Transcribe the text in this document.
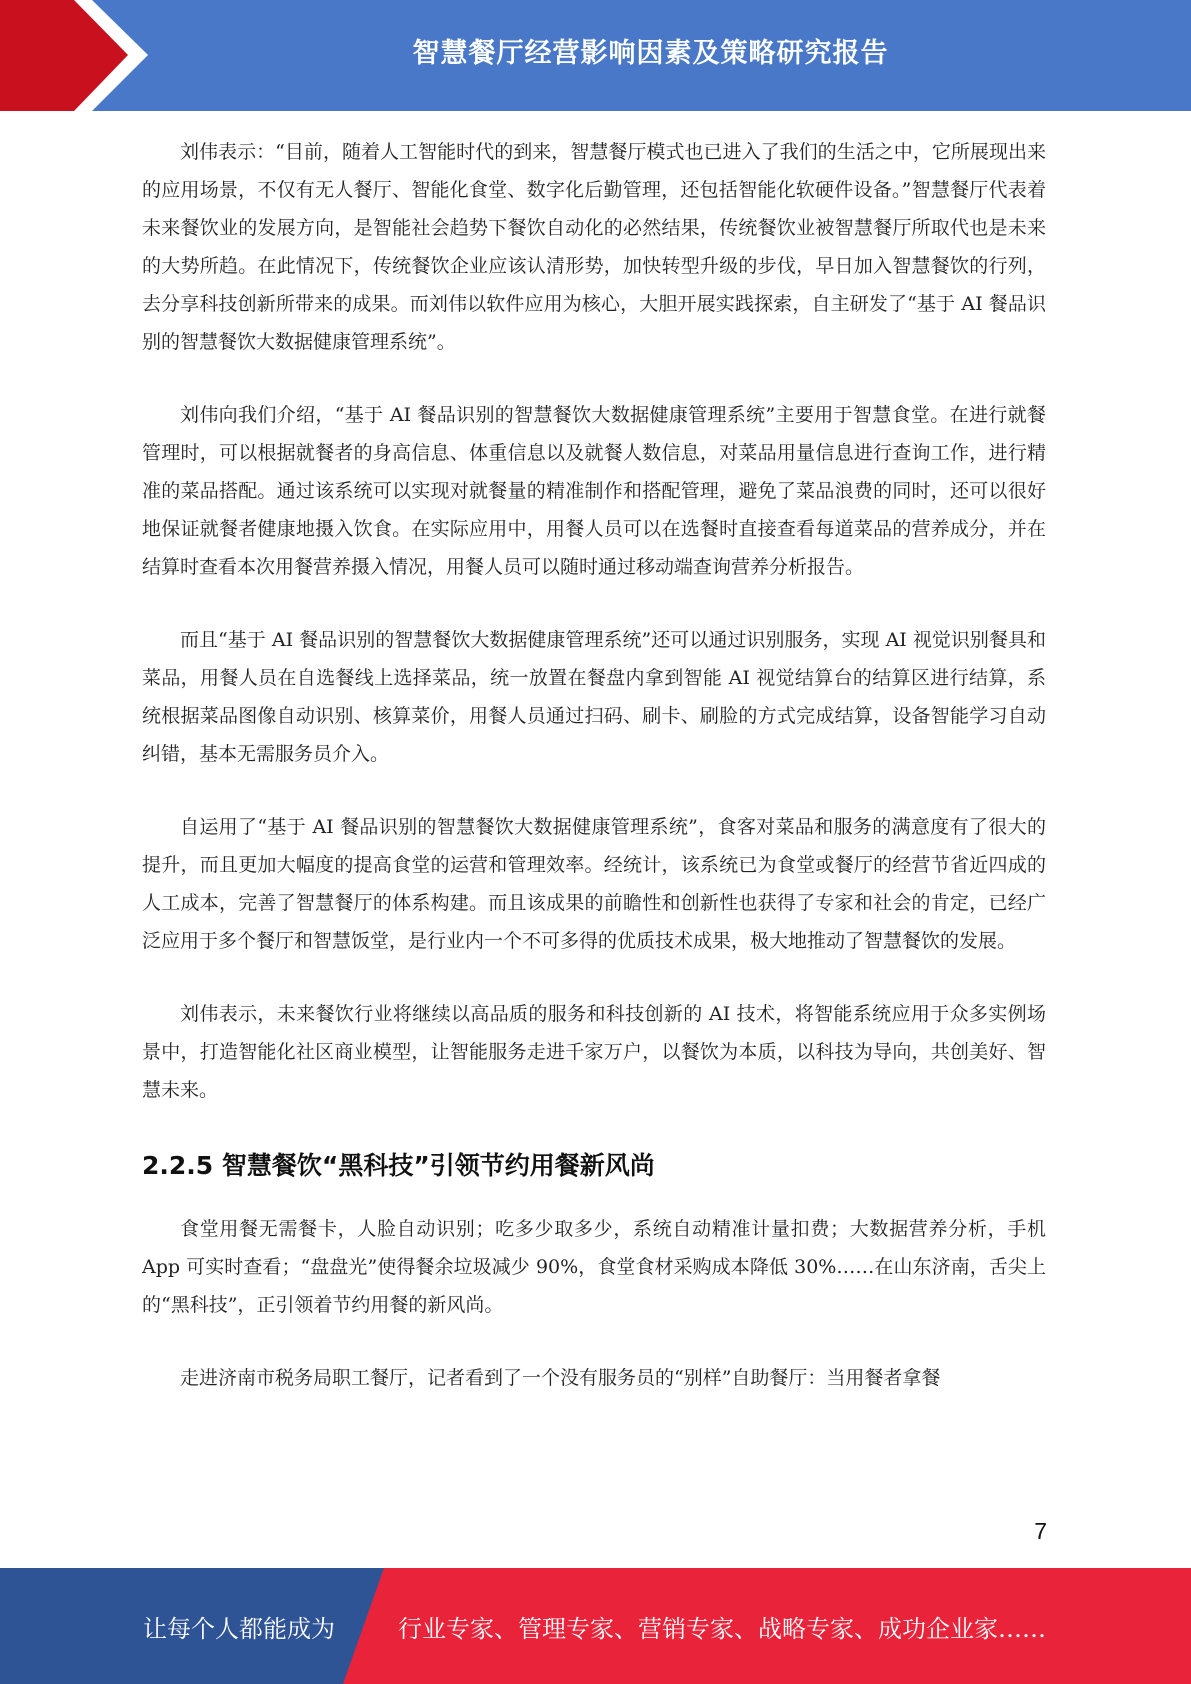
智慧餐厅经营影响因素及策略研究报告

刘伟表示：“目前，随着人工智能时代的到来，智慧餐厅模式也已进入了我们的生活之中，它所展现出来的应用场景，不仅有无人餐厅、智能化食堂、数字化后勤管理，还包括智能化软硬件设备。”智慧餐厅代表着未来餐饮业的发展方向，是智能社会趋势下餐饮自动化的必然结果，传统餐饮业被智慧餐厅所取代也是未来的大势所趋。在此情况下，传统餐饮企业应该认清形势，加快转型升级的步伐，早日加入智慧餐饮的行列，去分享科技创新所带来的成果。而刘伟以软件应用为核心，大胆开展实践探索，自主研发了“基于 AI 餐品识别的智慧餐饮大数据健康管理系统”。

刘伟向我们介绍，“基于 AI 餐品识别的智慧餐饮大数据健康管理系统”主要用于智慧食堂。在进行就餐管理时，可以根据就餐者的身高信息、体重信息以及就餐人数信息，对菜品用量信息进行查询工作，进行精准的菜品搭配。通过该系统可以实现对就餐量的精准制作和搭配管理，避免了菜品浪费的同时，还可以很好地保证就餐者健康地摄入饮食。在实际应用中，用餐人员可以在选餐时直接查看每道菜品的营养成分，并在结算时查看本次用餐营养摄入情况，用餐人员可以随时通过移动端查询营养分析报告。

而且“基于 AI 餐品识别的智慧餐饮大数据健康管理系统”还可以通过识别服务，实现 AI 视觉识别餐具和菜品，用餐人员在自选餐线上选择菜品，统一放置在餐盘内拿到智能 AI 视觉结算台的结算区进行结算，系统根据菜品图像自动识别、核算菜价，用餐人员通过扫码、刷卡、刷脸的方式完成结算，设备智能学习自动纠错，基本无需服务员介入。

自运用了“基于 AI 餐品识别的智慧餐饮大数据健康管理系统”，食客对菜品和服务的满意度有了很大的提升，而且更加大幅度的提高食堂的运营和管理效率。经统计，该系统已为食堂或餐厅的经营节省近四成的人工成本，完善了智慧餐厅的体系构建。而且该成果的前瞻性和创新性也获得了专家和社会的肯定，已经广泛应用于多个餐厅和智慧饭堂，是行业内一个不可多得的优质技术成果，极大地推动了智慧餐饮的发展。

刘伟表示，未来餐饮行业将继续以高品质的服务和科技创新的 AI 技术，将智能系统应用于众多实例场景中，打造智能化社区商业模型，让智能服务走进千家万户，以餐饮为本质，以科技为导向，共创美好、智慧未来。

2.2.5 智慧餐饮“黑科技”引领节约用餐新风尚

食堂用餐无需餐卡，人脸自动识别；吃多少取多少，系统自动精准计量扣费；大数据营养分析，手机 App 可实时查看；“盘盘光”使得餐余垃圾减少 90%，食堂食材采购成本降低 30%……在山东济南，舌尖上的“黑科技”，正引领着节约用餐的新风尚。

走进济南市税务局职工餐厅，记者看到了一个没有服务员的“别样”自助餐厅：当用餐者拿餐

7
让每个人都能成为	行业专家、管理专家、营销专家、战略专家、成功企业家……
